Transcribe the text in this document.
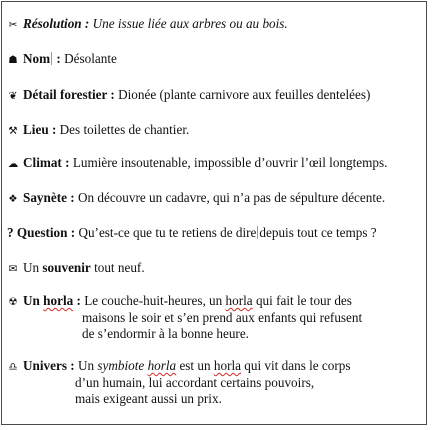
✂ Résolution : Une issue liée aux arbres ou au bois.
☗ Nom : Désolante
❦ Détail forestier : Dionée (plante carnivore aux feuilles dentelées)
⚒ Lieu : Des toilettes de chantier.
☁ Climat : Lumière insoutenable, impossible d’ouvrir l’œil longtemps.
❖ Saynète : On découvre un cadavre, qui n’a pas de sépulture décente.
? Question : Qu’est-ce que tu te retiens de dire depuis tout ce temps ?
✉ Un souvenir tout neuf.
☢ Un horla : Le couche-huit-heures, un horla qui fait le tour des
maisons le soir et s’en prend aux enfants qui refusent
de s’endormir à la bonne heure.
♎ Univers : Un symbiote horla est un horla qui vit dans le corps
d’un humain, lui accordant certains pouvoirs,
mais exigeant aussi un prix.
